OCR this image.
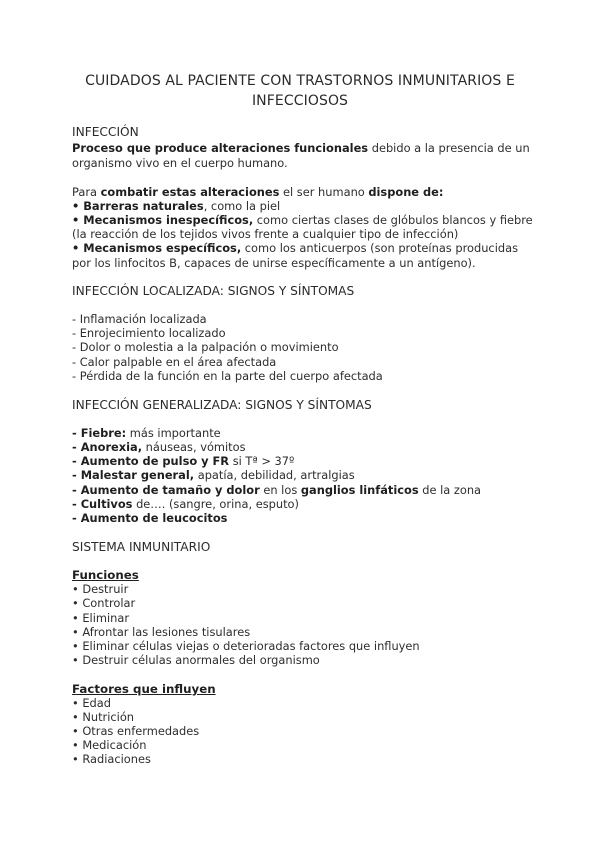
CUIDADOS AL PACIENTE CON TRASTORNOS INMUNITARIOS E INFECCIOSOS
INFECCIÓN
Proceso que produce alteraciones funcionales debido a la presencia de un
organismo vivo en el cuerpo humano.
Para combatir estas alteraciones el ser humano dispone de:
• Barreras naturales, como la piel
• Mecanismos inespecíficos, como ciertas clases de glóbulos blancos y fiebre
(la reacción de los tejidos vivos frente a cualquier tipo de infección)
• Mecanismos específicos, como los anticuerpos (son proteínas producidas
por los linfocitos B, capaces de unirse específicamente a un antígeno).
INFECCIÓN LOCALIZADA: SIGNOS Y SÍNTOMAS
- Inflamación localizada
- Enrojecimiento localizado
- Dolor o molestia a la palpación o movimiento
- Calor palpable en el área afectada
- Pérdida de la función en la parte del cuerpo afectada
INFECCIÓN GENERALIZADA: SIGNOS Y SÍNTOMAS
- Fiebre: más importante
- Anorexia, náuseas, vómitos
- Aumento de pulso y FR si Tª > 37º
- Malestar general, apatía, debilidad, artralgias
- Aumento de tamaño y dolor en los ganglios linfáticos de la zona
- Cultivos de…. (sangre, orina, esputo)
- Aumento de leucocitos
SISTEMA INMUNITARIO
Funciones
• Destruir
• Controlar
• Eliminar
• Afrontar las lesiones tisulares
• Eliminar células viejas o deterioradas factores que influyen
• Destruir células anormales del organismo
Factores que influyen
• Edad
• Nutrición
• Otras enfermedades
• Medicación
• Radiaciones
